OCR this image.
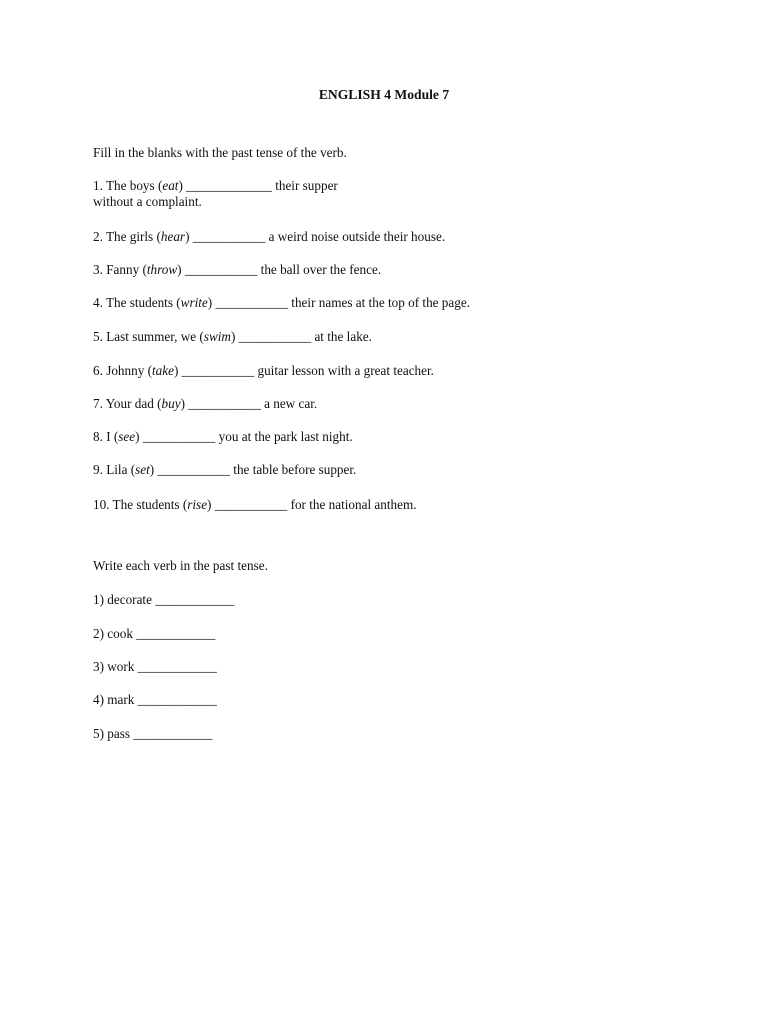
ENGLISH 4 Module 7
Fill in the blanks with the past tense of the verb.
1. The boys (eat) _____________ their supper
without a complaint.
2. The girls (hear) ___________ a weird noise outside their house.
3. Fanny (throw) ___________ the ball over the fence.
4. The students (write) ___________ their names at the top of the page.
5. Last summer, we (swim) ___________ at the lake.
6. Johnny (take) ___________ guitar lesson with a great teacher.
7. Your dad (buy) ___________ a new car.
8. I (see) ___________ you at the park last night.
9. Lila (set) ___________ the table before supper.
10. The students (rise) ___________ for the national anthem.
Write each verb in the past tense.
1) decorate ____________
2) cook ____________
3) work ____________
4) mark ____________
5) pass ____________
